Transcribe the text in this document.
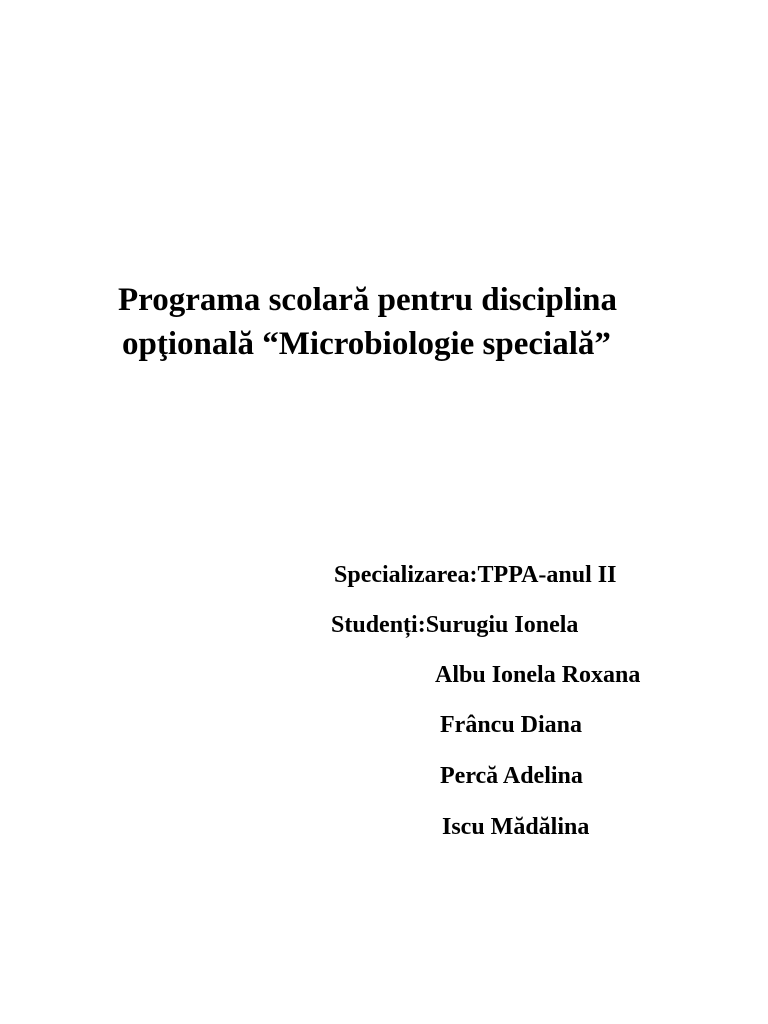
Programa scolară pentru disciplina
opţională “Microbiologie specială”
Specializarea:TPPA-anul II
Studenți:Surugiu Ionela
Albu Ionela Roxana
Frâncu Diana
Percă Adelina
Iscu Mădălina
